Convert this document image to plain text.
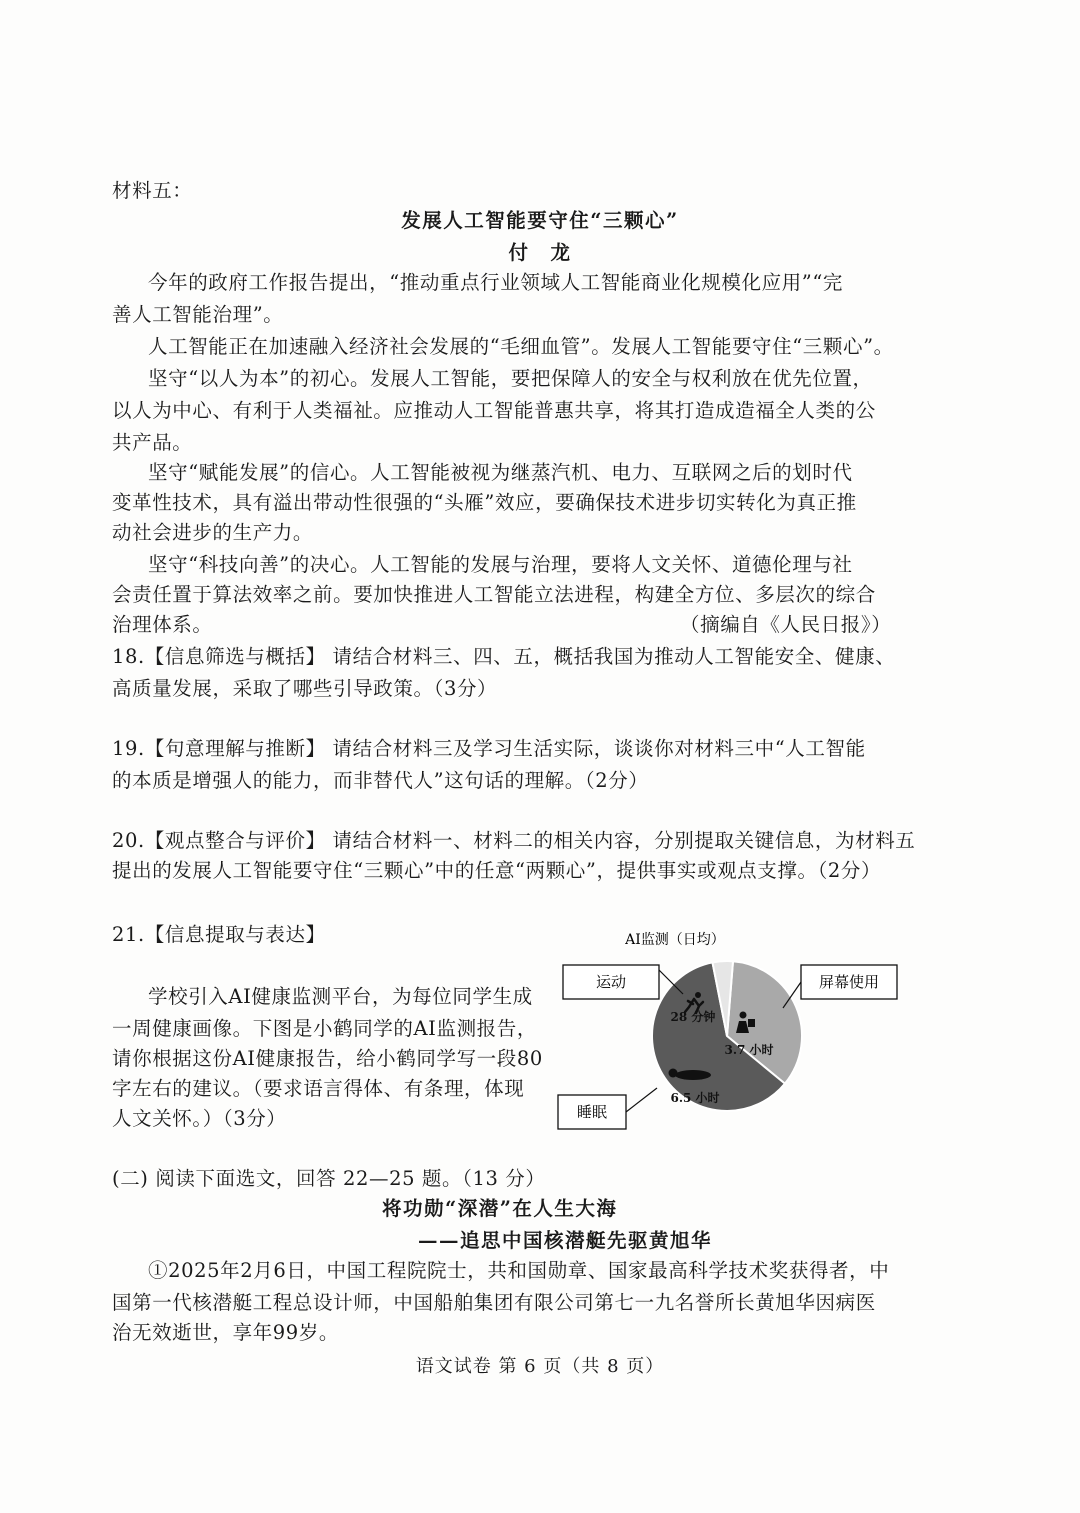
材料五：
发展人工智能要守住“三颗心”
付　龙
今年的政府工作报告提出，“推动重点行业领域人工智能商业化规模化应用”“完
善人工智能治理”。
人工智能正在加速融入经济社会发展的“毛细血管”。发展人工智能要守住“三颗心”。
坚守“以人为本”的初心。发展人工智能，要把保障人的安全与权利放在优先位置，
以人为中心、有利于人类福祉。应推动人工智能普惠共享，将其打造成造福全人类的公
共产品。
坚守“赋能发展”的信心。人工智能被视为继蒸汽机、电力、互联网之后的划时代
变革性技术，具有溢出带动性很强的“头雁”效应，要确保技术进步切实转化为真正推
动社会进步的生产力。
坚守“科技向善”的决心。人工智能的发展与治理，要将人文关怀、道德伦理与社
会责任置于算法效率之前。要加快推进人工智能立法进程，构建全方位、多层次的综合
治理体系。	（摘编自《人民日报》）
18.【信息筛选与概括】 请结合材料三、四、五，概括我国为推动人工智能安全、健康、
高质量发展，采取了哪些引导政策。（3分）
19.【句意理解与推断】 请结合材料三及学习生活实际，谈谈你对材料三中“人工智能
的本质是增强人的能力，而非替代人”这句话的理解。（2分）
20.【观点整合与评价】 请结合材料一、材料二的相关内容，分别提取关键信息，为材料五
提出的发展人工智能要守住“三颗心”中的任意“两颗心”，提供事实或观点支撑。（2分）
21.【信息提取与表达】
学校引入AI健康监测平台，为每位同学生成
一周健康画像。下图是小鹤同学的AI监测报告，
请你根据这份AI健康报告，给小鹤同学写一段80
字左右的建议。（要求语言得体、有条理，体现
人文关怀。）（3分）
AI监测（日均）
3.7 小时
6.5 小时
28 分钟
屏幕使用
睡眠
运动
(二) 阅读下面选文，回答 22—25 题。（13 分）
将功勋“深潜”在人生大海
——追思中国核潜艇先驱黄旭华
①2025年2月6日，中国工程院院士，共和国勋章、国家最高科学技术奖获得者，中
国第一代核潜艇工程总设计师，中国船舶集团有限公司第七一九名誉所长黄旭华因病医
治无效逝世，享年99岁。
语文试卷 第 6 页（共 8 页）
